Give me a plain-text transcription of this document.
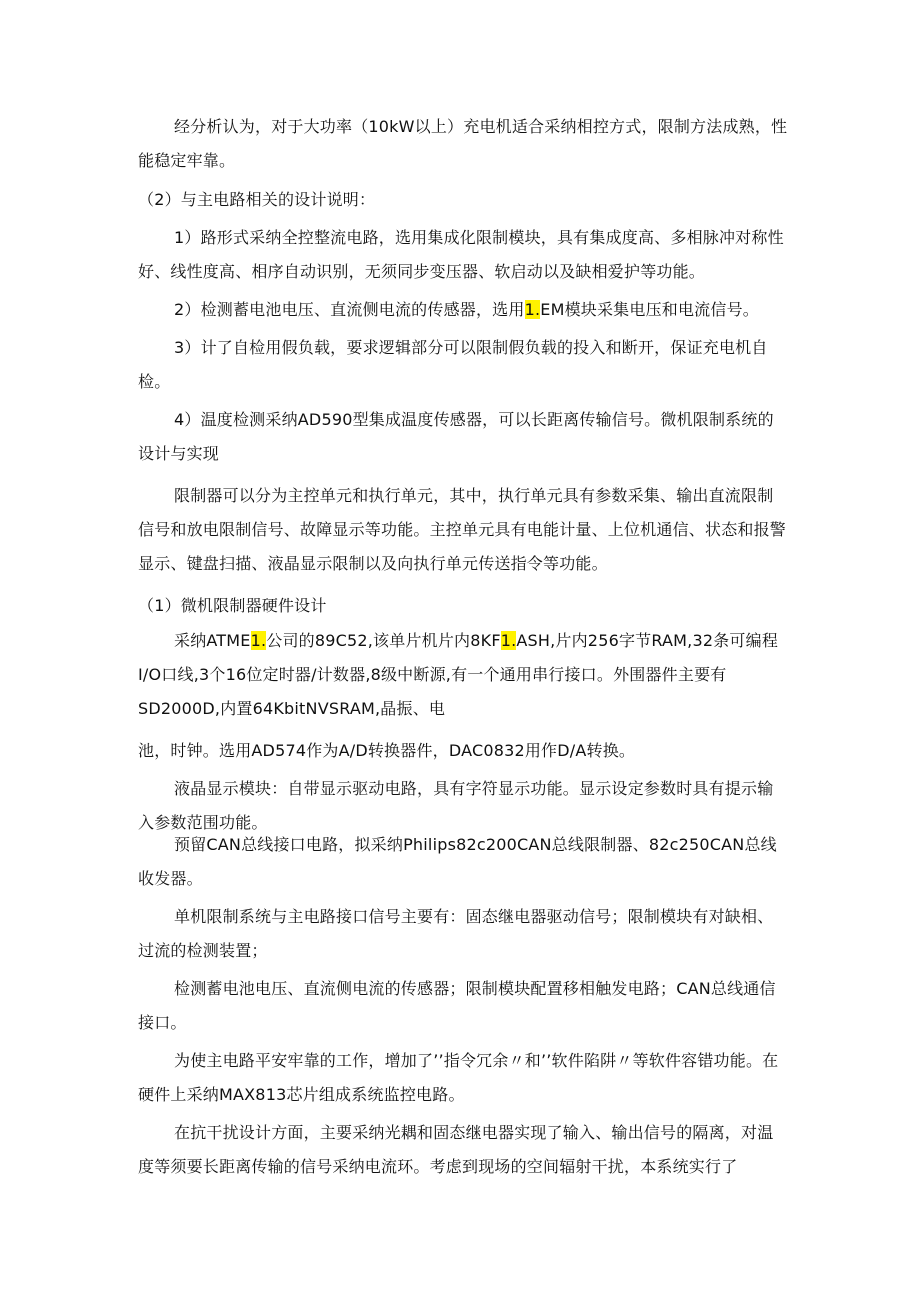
经分析认为，对于大功率（10kW以上）充电机适合采纳相控方式，限制方法成熟，性能稳定牢靠。

（2）与主电路相关的设计说明：

1）路形式采纳全控整流电路，选用集成化限制模块，具有集成度高、多相脉冲对称性好、线性度高、相序自动识别，无须同步变压器、软启动以及缺相爱护等功能。

2）检测蓄电池电压、直流侧电流的传感器，选用1.EM模块采集电压和电流信号。

3）计了自检用假负载，要求逻辑部分可以限制假负载的投入和断开，保证充电机自检。

4）温度检测采纳AD590型集成温度传感器，可以长距离传输信号。微机限制系统的设计与实现

限制器可以分为主控单元和执行单元，其中，执行单元具有参数采集、输出直流限制信号和放电限制信号、故障显示等功能。主控单元具有电能计量、上位机通信、状态和报警显示、键盘扫描、液晶显示限制以及向执行单元传送指令等功能。

（1）微机限制器硬件设计

采纳ATME1.公司的89C52,该单片机片内8KF1.ASH,片内256字节RAM,32条可编程I/O口线,3个16位定时器/计数器,8级中断源,有一个通用串行接口。外围器件主要有SD2000D,内置64KbitNVSRAM,晶振、电

池，时钟。选用AD574作为A/D转换器件，DAC0832用作D/A转换。

液晶显示模块：自带显示驱动电路，具有字符显示功能。显示设定参数时具有提示输入参数范围功能。

预留CAN总线接口电路，拟采纳Philips82c200CAN总线限制器、82c250CAN总线收发器。

单机限制系统与主电路接口信号主要有：固态继电器驱动信号；限制模块有对缺相、过流的检测装置；

检测蓄电池电压、直流侧电流的传感器；限制模块配置移相触发电路；CAN总线通信接口。

为使主电路平安牢靠的工作，增加了’’指令冗余〃和’’软件陷阱〃等软件容错功能。在硬件上采纳MAX813芯片组成系统监控电路。

在抗干扰设计方面，主要采纳光耦和固态继电器实现了输入、输出信号的隔离，对温度等须要长距离传输的信号采纳电流环。考虑到现场的空间辐射干扰，本系统实行了
